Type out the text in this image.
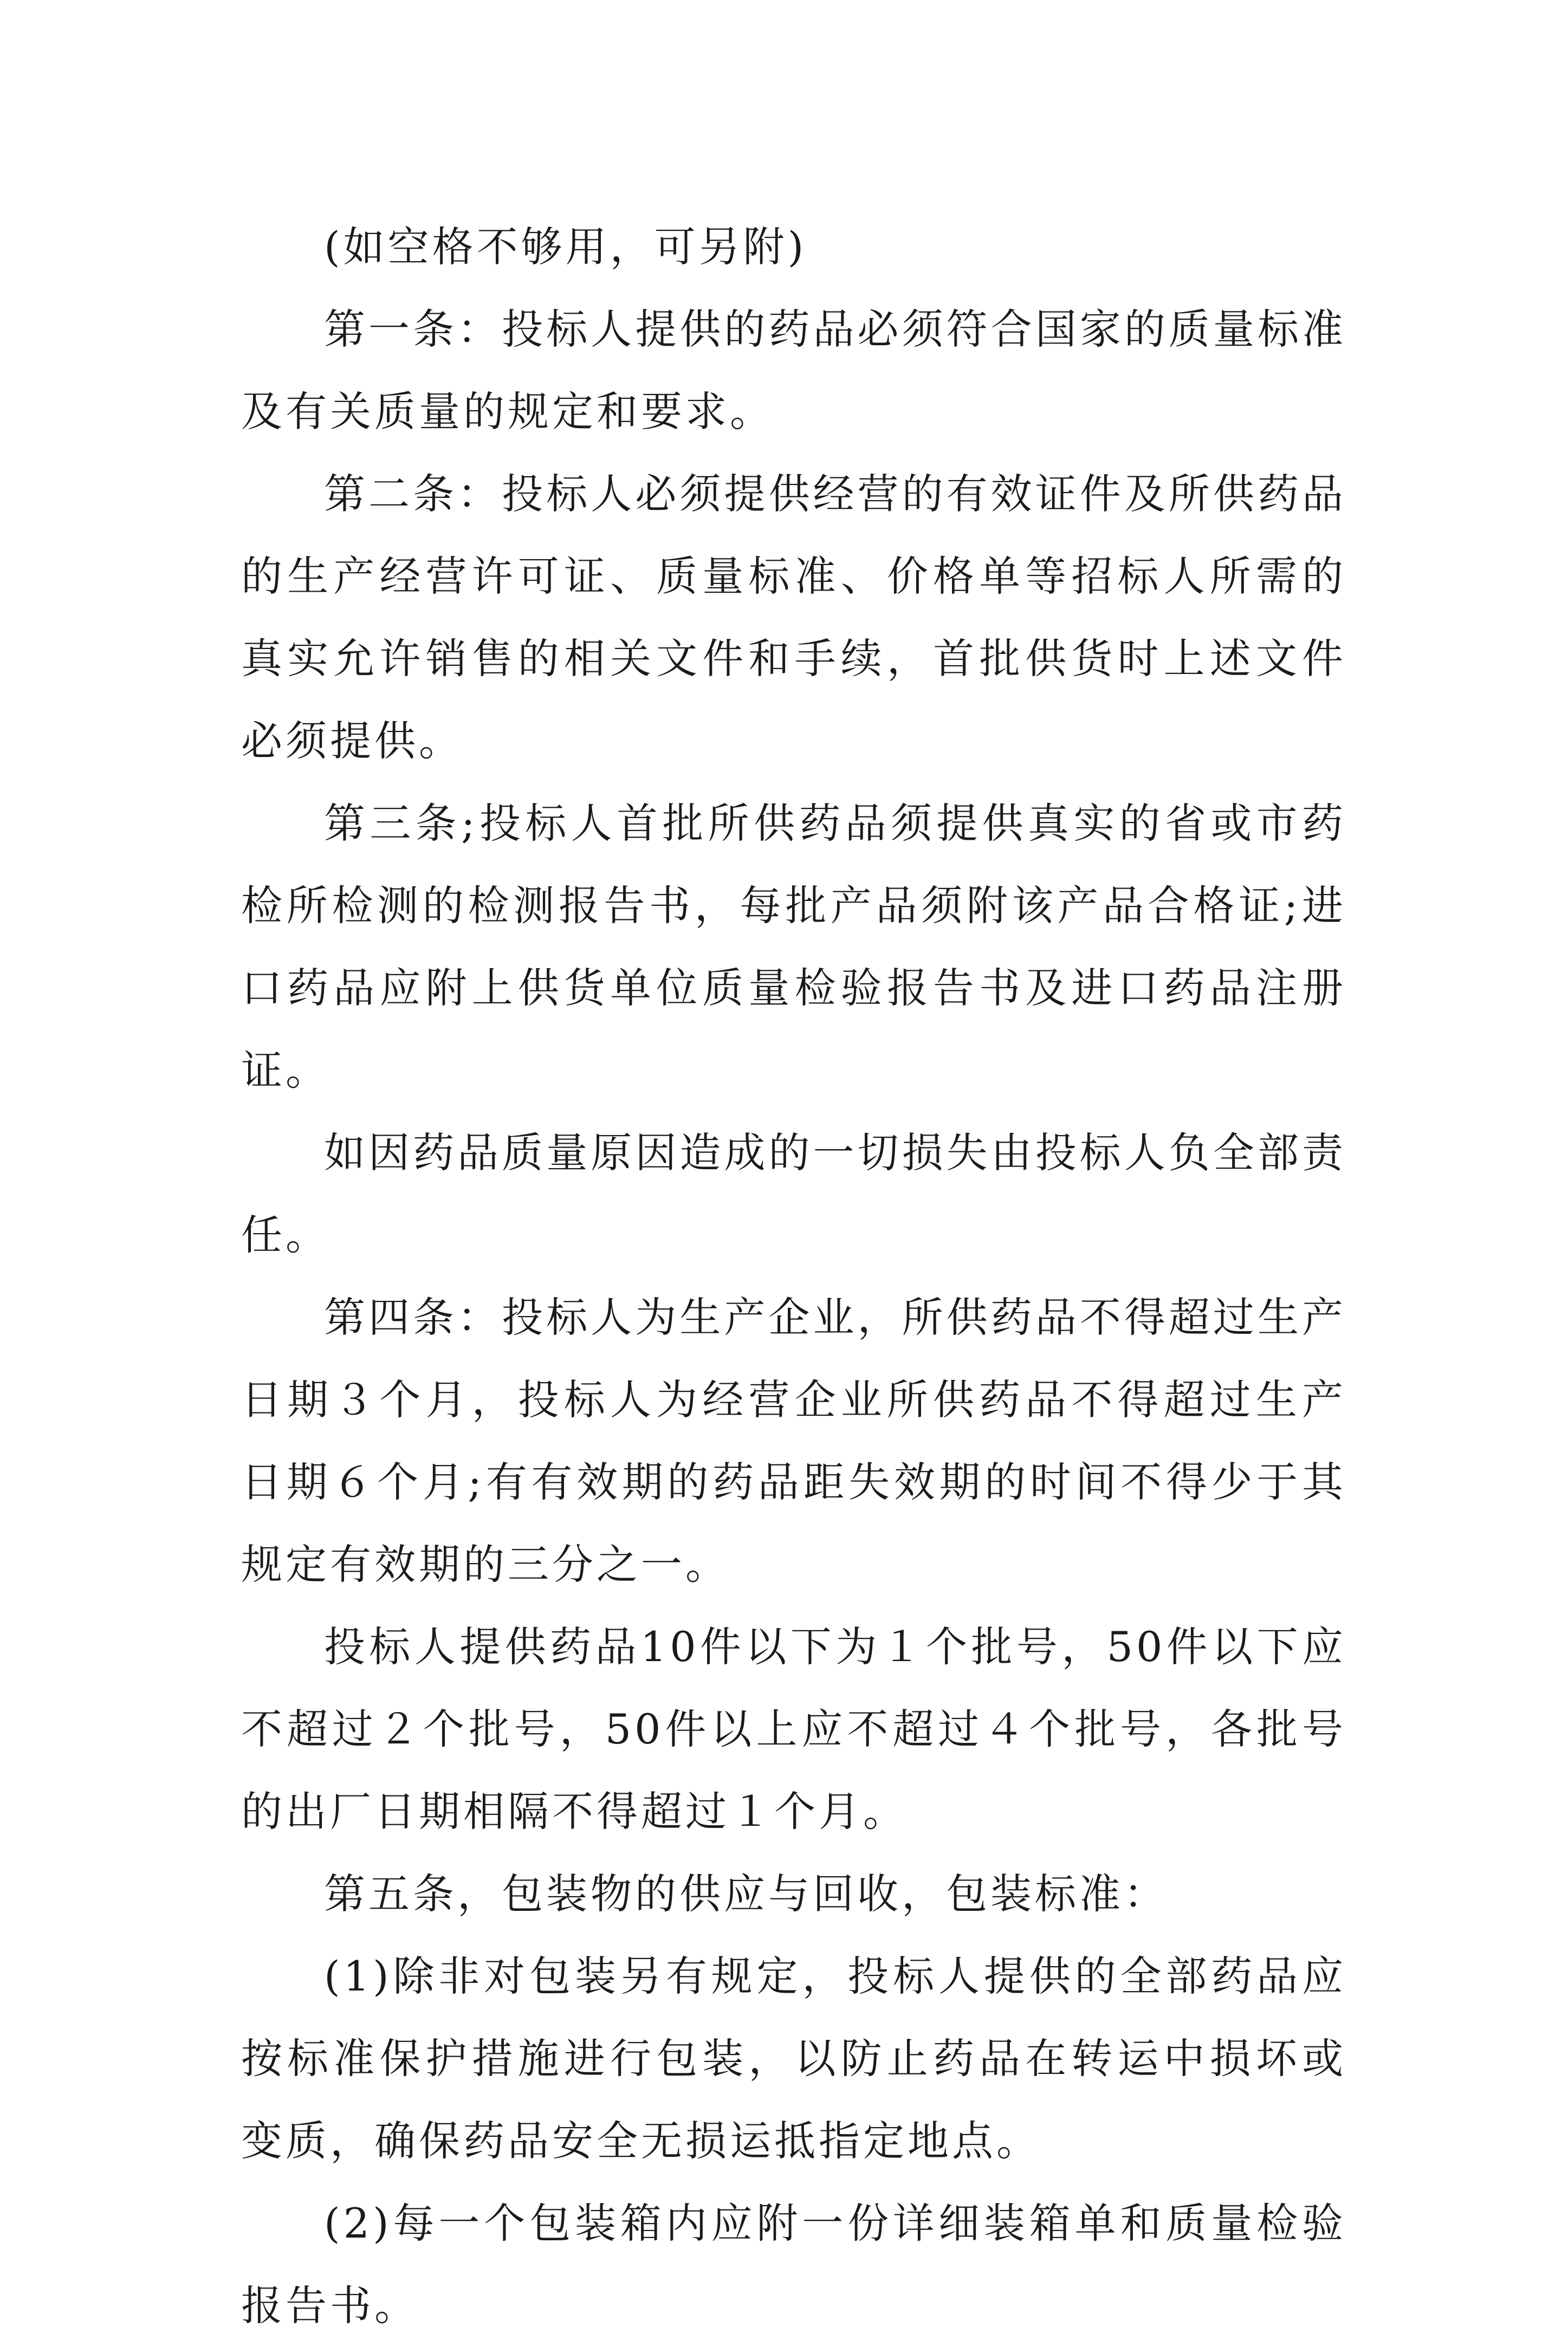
(如空格不够用，可另附)

第一条：投标人提供的药品必须符合国家的质量标准及有关质量的规定和要求。

第二条：投标人必须提供经营的有效证件及所供药品的生产经营许可证、质量标准、价格单等招标人所需的真实允许销售的相关文件和手续，首批供货时上述文件必须提供。

第三条;投标人首批所供药品须提供真实的省或市药检所检测的检测报告书，每批产品须附该产品合格证;进口药品应附上供货单位质量检验报告书及进口药品注册证。

如因药品质量原因造成的一切损失由投标人负全部责任。

第四条：投标人为生产企业，所供药品不得超过生产日期３个月，投标人为经营企业所供药品不得超过生产日期６个月;有有效期的药品距失效期的时间不得少于其规定有效期的三分之一。

投标人提供药品10件以下为１个批号，50件以下应不超过２个批号，50件以上应不超过４个批号，各批号的出厂日期相隔不得超过１个月。

第五条，包装物的供应与回收，包装标准：

(1)除非对包装另有规定，投标人提供的全部药品应按标准保护措施进行包装，以防止药品在转运中损坏或变质，确保药品安全无损运抵指定地点。

(2)每一个包装箱内应附一份详细装箱单和质量检验报告书。
